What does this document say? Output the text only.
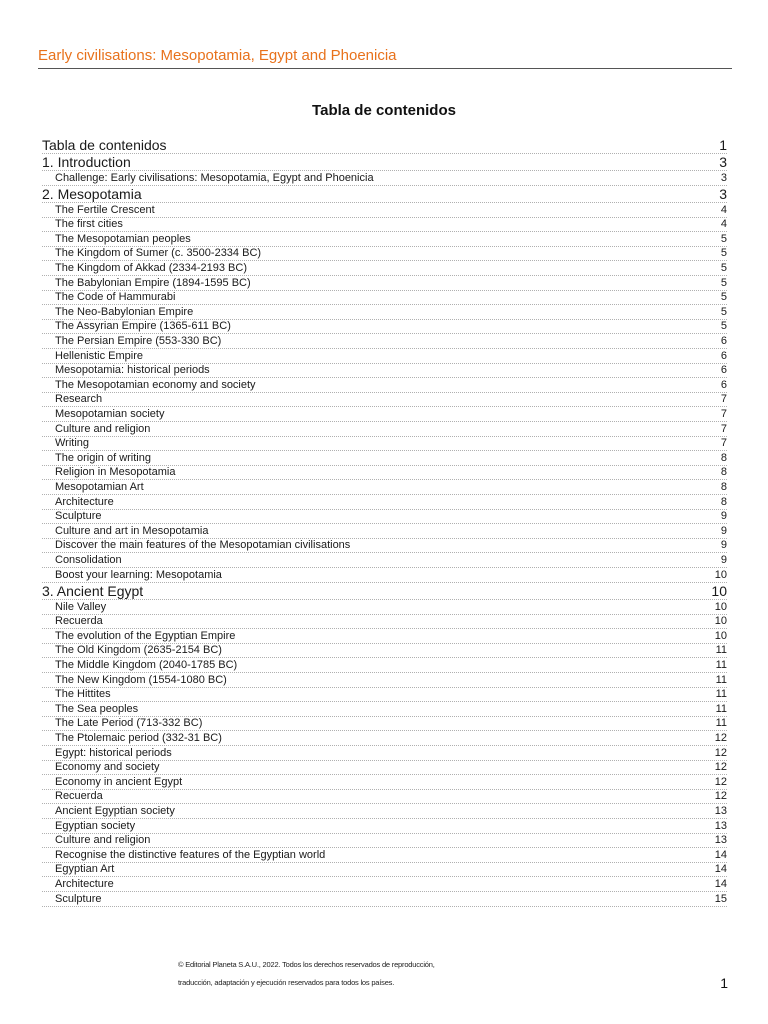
Early civilisations: Mesopotamia, Egypt and Phoenicia
Tabla de contenidos
Tabla de contenidos	1
1. Introduction	3
Challenge: Early civilisations: Mesopotamia, Egypt and Phoenicia	3
2. Mesopotamia	3
The Fertile Crescent	4
The first cities	4
The Mesopotamian peoples	5
The Kingdom of Sumer (c. 3500-2334 BC)	5
The Kingdom of Akkad (2334-2193 BC)	5
The Babylonian Empire (1894-1595 BC)	5
The Code of Hammurabi	5
The Neo-Babylonian Empire	5
The Assyrian Empire (1365-611 BC)	5
The Persian Empire (553-330 BC)	6
Hellenistic Empire	6
Mesopotamia: historical periods	6
The Mesopotamian economy and society	6
Research	7
Mesopotamian society	7
Culture and religion	7
Writing	7
The origin of writing	8
Religion in Mesopotamia	8
Mesopotamian Art	8
Architecture	8
Sculpture	9
Culture and art in Mesopotamia	9
Discover the main features of the Mesopotamian civilisations	9
Consolidation	9
Boost your learning: Mesopotamia	10
3. Ancient Egypt	10
Nile Valley	10
Recuerda	10
The evolution of the Egyptian Empire	10
The Old Kingdom (2635-2154 BC)	11
The Middle Kingdom (2040-1785 BC)	11
The New Kingdom (1554-1080 BC)	11
The Hittites	11
The Sea peoples	11
The Late Period (713-332 BC)	11
The Ptolemaic period (332-31 BC)	12
Egypt: historical periods	12
Economy and society	12
Economy in ancient Egypt	12
Recuerda	12
Ancient Egyptian society	13
Egyptian society	13
Culture and religion	13
Recognise the distinctive features of the Egyptian world	14
Egyptian Art	14
Architecture	14
Sculpture	15
© Editorial Planeta S.A.U., 2022. Todos los derechos reservados de reproducción,
traducción, adaptación y ejecución reservados para todos los países.	1
